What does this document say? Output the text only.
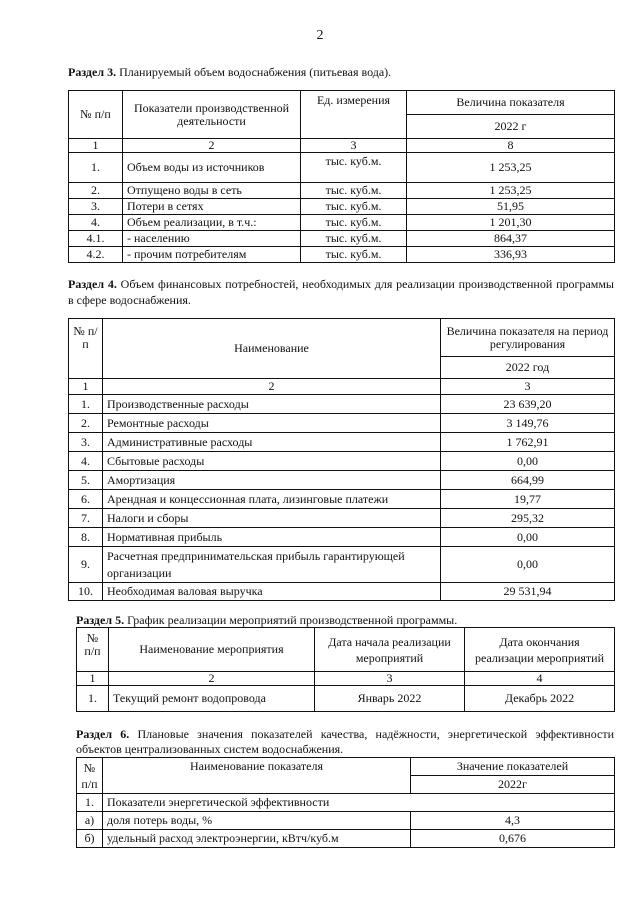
2
Раздел 3. Планируемый объем водоснабжения (питьевая вода).
№ п/п	Показатели производственной деятельности	Ед. измерения	Величина показателя
			2022 г
1	2	3	8
1.	Объем воды из источников	тыс. куб.м.	1 253,25
2.	Отпущено воды в сеть	тыс. куб.м.	1 253,25
3.	Потери в сетях	тыс. куб.м.	51,95
4.	Объем реализации, в т.ч.:	тыс. куб.м.	1 201,30
4.1.	- населению	тыс. куб.м.	864,37
4.2.	- прочим потребителям	тыс. куб.м.	336,93
Раздел 4. Объем финансовых потребностей, необходимых для реализации производственной программы в сфере водоснабжения.
№ п/п	Наименование	Величина показателя на период регулирования
		2022 год
1	2	3
1.	Производственные расходы	23 639,20
2.	Ремонтные расходы	3 149,76
3.	Административные расходы	1 762,91
4.	Сбытовые расходы	0,00
5.	Амортизация	664,99
6.	Арендная и концессионная плата, лизинговые платежи	19,77
7.	Налоги и сборы	295,32
8.	Нормативная прибыль	0,00
9.	Расчетная предпринимательская прибыль гарантирующей организации	0,00
10.	Необходимая валовая выручка	29 531,94
Раздел 5. График реализации мероприятий производственной программы.
№ п/п	Наименование мероприятия	Дата начала реализации мероприятий	Дата окончания реализации мероприятий
1	2	3	4
1.	Текущий ремонт водопровода	Январь 2022	Декабрь 2022
Раздел 6. Плановые значения показателей качества, надёжности, энергетической эффективности объектов централизованных систем водоснабжения.
№ п/п	Наименование показателя	Значение показателей
		2022г
1.	Показатели энергетической эффективности	
а)	доля потерь воды, %	4,3
б)	удельный расход электроэнергии, кВтч/куб.м	0,676
